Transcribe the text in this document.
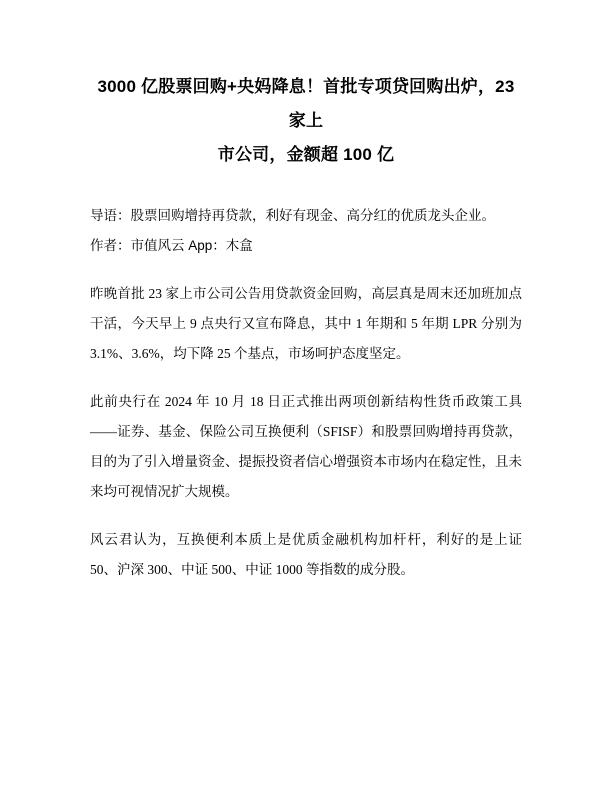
3000 亿股票回购+央妈降息！首批专项贷回购出炉，23 家上
市公司，金额超 100 亿
导语：股票回购增持再贷款，利好有现金、高分红的优质龙头企业。
作者：市值风云 App：木盒

昨晚首批 23 家上市公司公告用贷款资金回购，高层真是周末还加班加点干活，今天早上 9 点央行又宣布降息，其中 1 年期和 5 年期 LPR 分别为 3.1%、3.6%，均下降 25 个基点，市场呵护态度坚定。

此前央行在 2024 年 10 月 18 日正式推出两项创新结构性货币政策工具——证券、基金、保险公司互换便利（SFISF）和股票回购增持再贷款，目的为了引入增量资金、提振投资者信心增强资本市场内在稳定性，且未来均可视情况扩大规模。

风云君认为，互换便利本质上是优质金融机构加杆杆，利好的是上证 50、沪深 300、中证 500、中证 1000 等指数的成分股。
